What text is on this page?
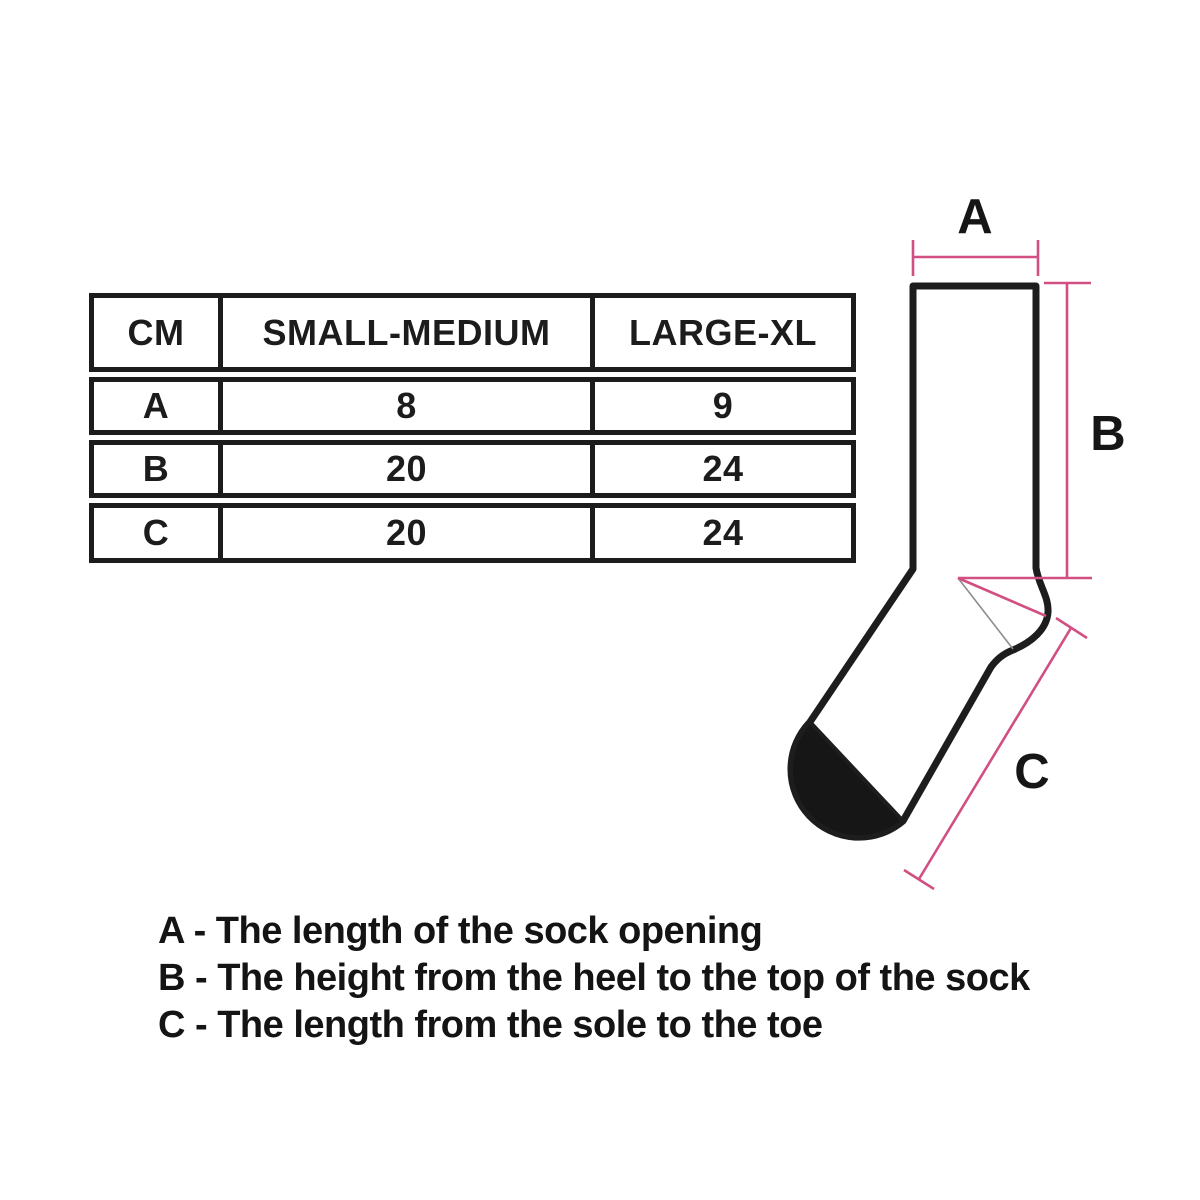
CM	SMALL-MEDIUM	LARGE-XL
A	8	9
B	20	24
C	20	24
A
B
C
A - The length of the sock opening
B - The height from the heel to the top of the sock
C - The length from the sole to the toe
